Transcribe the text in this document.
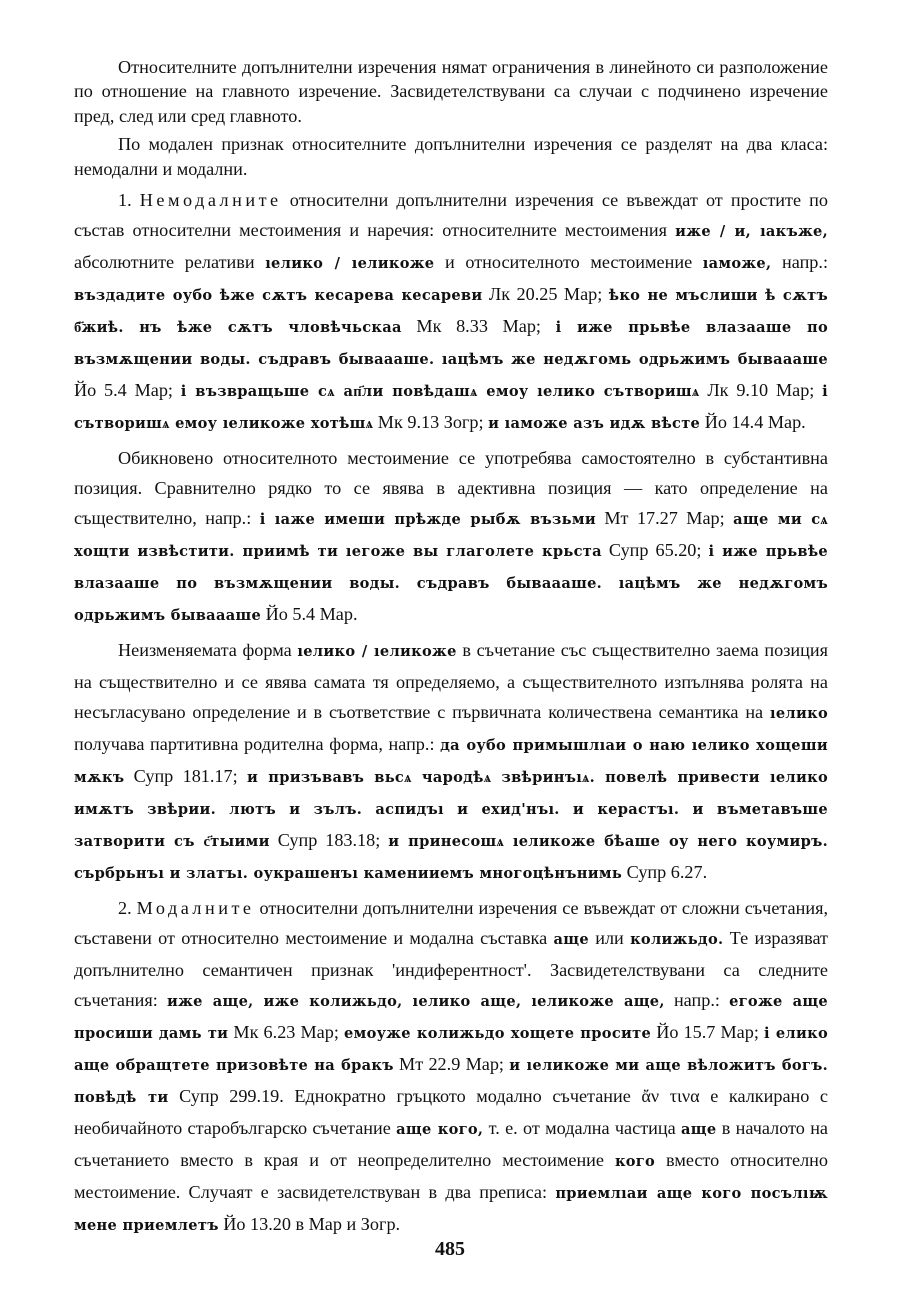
Относителните допълнителни изречения нямат ограничения в линейното си разположение по отношение на главното изречение. Засвидетелствувани са случаи с подчинено изречение пред, след или сред главното.

По модален признак относителните допълнителни изречения се разделят на два класа: немодални и модални.

1. Немодалните относителни допълнителни изречения се въвеждат от простите по състав относителни местоимения и наречия: относителните местоимения иже / и, ıакъже, абсолютните релативи ıелико / ıеликоже и относителното местоимение ıаможе, напр.: въздадите оубо ѣже сѫтъ кесарева кесареви Лк 20.25 Мар; ѣко не мъслиши ѣ сѫтъ б҃жиѣ. нъ ѣже сѫтъ чловѣчьскаа Мк 8.33 Мар; і иже прьвѣе влазааше по възмѫщении воды. съдравъ бываааше. ıацѣмъ же недѫгомь одрьжимъ бываааше Йо 5.4 Мар; і възвращьше сѧ ап҃ли повѣдашѧ емоу ıелико сътворишѧ Лк 9.10 Мар; і сътворишѧ емоу ıеликоже хотѣшѧ Мк 9.13 Зогр; и ıаможе азъ идѫ вѣсте Йо 14.4 Мар.

Обикновено относителното местоимение се употребява самостоятелно в субстантивна позиция. Сравнително рядко то се явява в адективна позиция — като определение на съществително, напр.: і ıаже имеши прѣжде рыбѫ възьми Мт 17.27 Мар; аще ми сѧ хощти извѣстити. приимѣ ти ıегоже вы глаголете крьста Супр 65.20; і иже прьвѣе влазааше по възмѫщении воды. съдравъ бываааше. ıацѣмъ же недѫгомъ одрьжимъ бываааше Йо 5.4 Мар.

Неизменяемата форма ıелико / ıеликоже в съчетание със съществително заема позиция на съществително и се явява самата тя определяемо, а съществителното изпълнява ролята на несъгласувано определение и в съответствие с първичната количествена семантика на ıелико получава партитивна родителна форма, напр.: да оубо примышлıаи о наю ıелико хощеши мѫкъ Супр 181.17; и призъвавъ вьсѧ чародѣѧ звѣринъıѧ. повелѣ привести ıелико имѫтъ звѣрии. лютъ и зълъ. аспидъı и ехид'нъı. и керастъı. и въметавъше затворити съ с҃тыими Супр 183.18; и принесошѧ ıеликоже бѣаше оу него коумиръ. сърбрьнъı и златъı. оукрашенъı каменииемъ многоцѣнънимь Супр 6.27.

2. Модалните относителни допълнителни изречения се въвеждат от сложни съчетания, съставени от относително местоимение и модална съставка аще или колижьдо. Те изразяват допълнително семантичен признак 'индиферентност'. Засвидетелствувани са следните съчетания: иже аще, иже колижьдо, ıелико аще, ıеликоже аще, напр.: егоже аще просиши дамь ти Мк 6.23 Мар; емоуже колижьдо хощете просите Йо 15.7 Мар; і елико аще обращтете призовѣте на бракъ Мт 22.9 Мар; и ıеликоже ми аще вѣложитъ богъ. повѣдѣ ти Супр 299.19. Еднократно гръцкото модално съчетание ἄν τινα е калкирано с необичайното старобългарско съчетание аще кого, т. е. от модална частица аще в началото на съчетанието вместо в края и от неопределително местоимение кого вместо относително местоимение. Случаят е засвидетелствуван в два преписа: приемлıаи аще кого посълıѭ мене приемлетъ Йо 13.20 в Мар и Зогр.

485
